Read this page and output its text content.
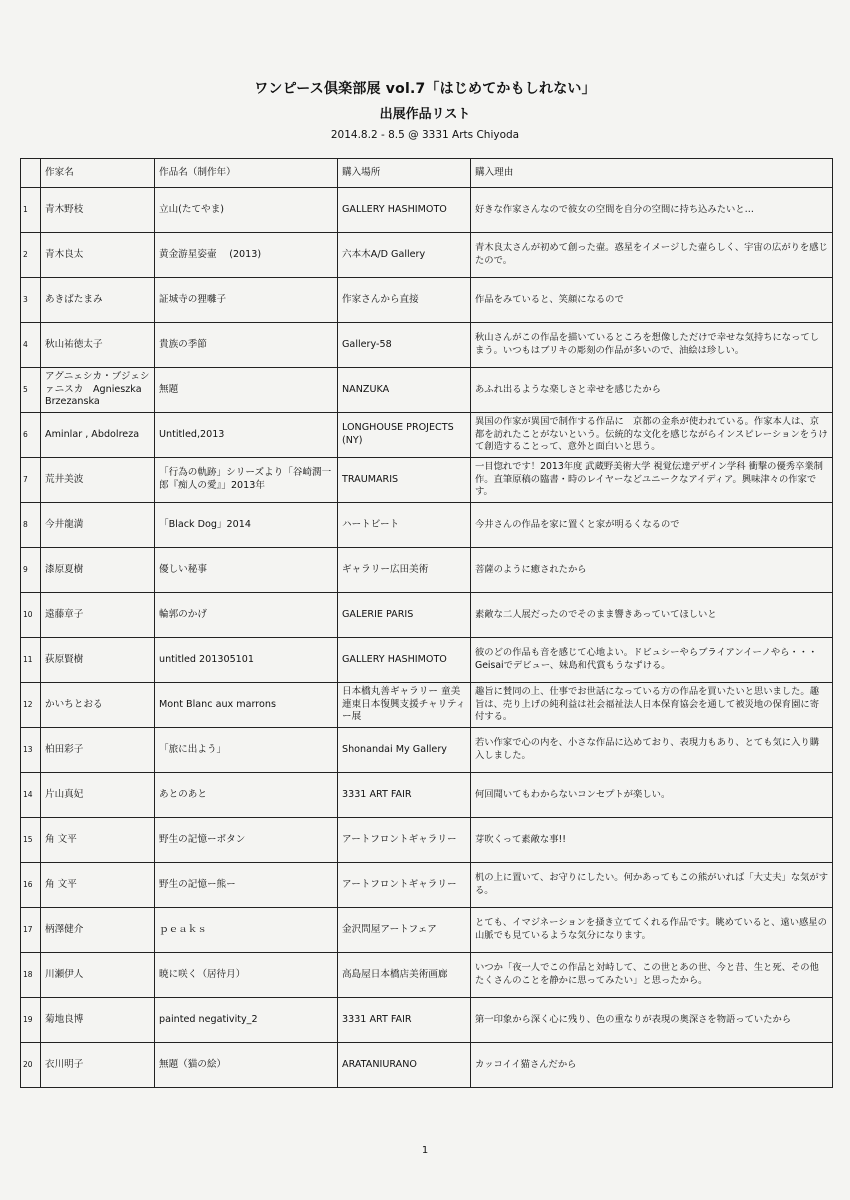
ワンピース倶楽部展 vol.7「はじめてかもしれない」
出展作品リスト
2014.8.2 - 8.5 @ 3331 Arts Chiyoda
	作家名	作品名（制作年）	購入場所	購入理由
1	青木野枝	立山(たてやま)	GALLERY HASHIMOTO	好きな作家さんなので彼女の空間を自分の空間に持ち込みたいと…
2	青木良太	黄金游星姿壷　 (2013)	六本木A/D Gallery	青木良太さんが初めて創った壷。惑星をイメージした壷らしく、宇宙の広がりを感じたので。
3	あきばたまみ	証城寺の狸囃子	作家さんから直接	作品をみていると、笑顔になるので
4	秋山祐徳太子	貴族の季節	Gallery-58	秋山さんがこの作品を描いているところを想像しただけで幸せな気持ちになってしまう。いつもはブリキの彫刻の作品が多いので、油絵は珍しい。
5	アグニェシカ・ブジェシァニスカ　Agnieszka Brzezanska	無題	NANZUKA	あふれ出るような楽しさと幸せを感じたから
6	Aminlar , Abdolreza	Untitled,2013	LONGHOUSE PROJECTS (NY)	異国の作家が異国で制作する作品に　京都の金糸が使われている。作家本人は、京都を訪れたことがないという。伝統的な文化を感じながらインスピレーションをうけて創造することって、意外と面白いと思う。
7	荒井美波	「行為の軌跡」シリーズより「谷崎潤一郎『痴人の愛』」2013年	TRAUMARIS	一目惚れです！2013年度 武蔵野美術大学 視覚伝達デザイン学科 衝撃の優秀卒業制作。直筆原稿の臨書・時のレイヤーなどユニークなアイディア。興味津々の作家です。
8	今井龍満	「Black Dog」2014	ハートビート	今井さんの作品を家に置くと家が明るくなるので
9	漆原夏樹	優しい秘事	ギャラリー広田美術	菩薩のように癒されたから
10	遠藤章子	輪郭のかげ	GALERIE PARIS	素敵な二人展だったのでそのまま響きあっていてほしいと
11	荻原賢樹	untitled 201305101	GALLERY HASHIMOTO	彼のどの作品も音を感じて心地よい。ドビュシーやらブライアンイーノやら・・・Geisaiでデビュー、妹島和代賞もうなずける。
12	かいちとおる	Mont Blanc aux marrons	日本橋丸善ギャラリー 童美連東日本復興支援チャリティー展	趣旨に賛同の上、仕事でお世話になっている方の作品を買いたいと思いました。趣旨は、売り上げの純利益は社会福祉法人日本保育協会を通して被災地の保育園に寄付する。
13	柏田彩子	「旅に出よう」	Shonandai My Gallery	若い作家で心の内を、小さな作品に込めており、表現力もあり、とても気に入り購入しました。
14	片山真妃	あとのあと	3331 ART FAIR	何回聞いてもわからないコンセプトが楽しい。
15	角 文平	野生の記憶ーボタン	アートフロントギャラリー	芽吹くって素敵な事!!
16	角 文平	野生の記憶ー熊ー	アートフロントギャラリー	机の上に置いて、お守りにしたい。何かあってもこの熊がいれば「大丈夫」な気がする。
17	柄澤健介	ｐｅａｋｓ	金沢問屋アートフェア	とても、イマジネーションを掻き立ててくれる作品です。眺めていると、遠い感星の山脈でも見ているような気分になります。
18	川瀬伊人	暁に咲く（居待月）	高島屋日本橋店美術画廊	いつか「夜一人でこの作品と対峙して、この世とあの世、今と昔、生と死、その他たくさんのことを静かに思ってみたい」と思ったから。
19	菊地良博	painted negativity_2	3331 ART FAIR	第一印象から深く心に残り、色の重なりが表現の奥深さを物語っていたから
20	衣川明子	無題（猫の絵）	ARATANIURANO	カッコイイ猫さんだから
1
